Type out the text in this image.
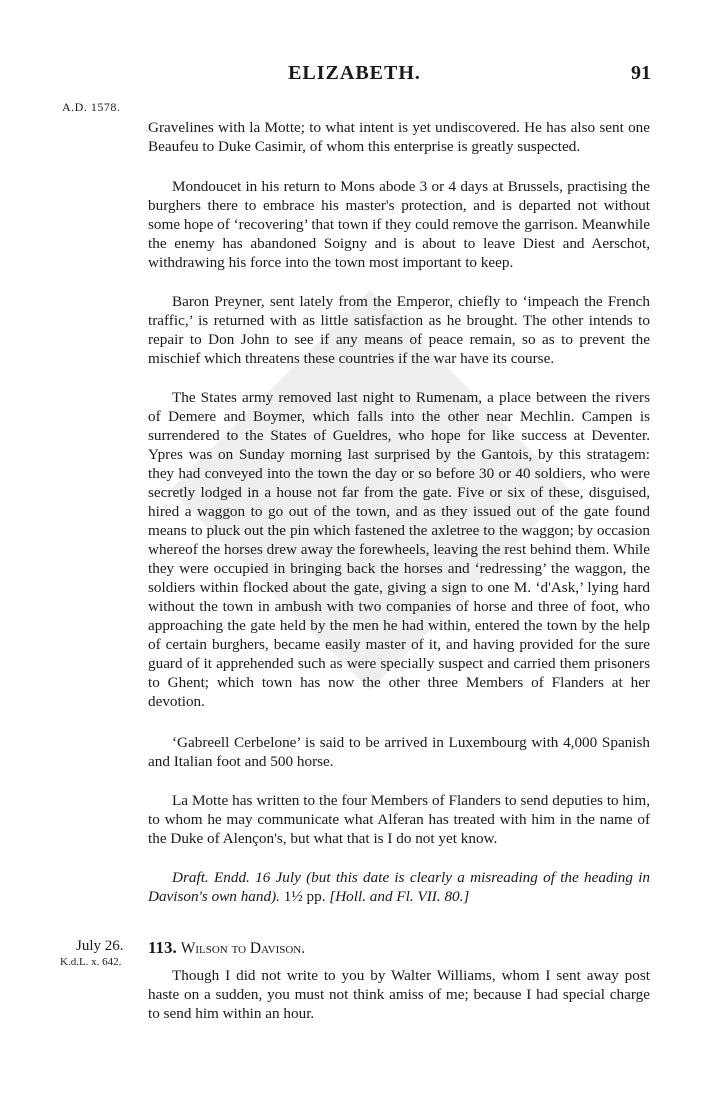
ELIZABETH.	91
A.D. 1578.

Gravelines with la Motte; to what intent is yet undiscovered. He has also sent one Beaufeu to Duke Casimir, of whom this enterprise is greatly suspected.

Mondoucet in his return to Mons abode 3 or 4 days at Brussels, practising the burghers there to embrace his master's protection, and is departed not without some hope of ‘recovering’ that town if they could remove the garrison. Meanwhile the enemy has abandoned Soigny and is about to leave Diest and Aerschot, withdrawing his force into the town most important to keep.

Baron Preyner, sent lately from the Emperor, chiefly to ‘impeach the French traffic,’ is returned with as little satisfaction as he brought. The other intends to repair to Don John to see if any means of peace remain, so as to prevent the mischief which threatens these countries if the war have its course.

The States army removed last night to Rumenam, a place between the rivers of Demere and Boymer, which falls into the other near Mechlin. Campen is surrendered to the States of Gueldres, who hope for like success at Deventer. Ypres was on Sunday morning last surprised by the Gantois, by this stratagem: they had conveyed into the town the day or so before 30 or 40 soldiers, who were secretly lodged in a house not far from the gate. Five or six of these, disguised, hired a waggon to go out of the town, and as they issued out of the gate found means to pluck out the pin which fastened the axletree to the waggon; by occasion whereof the horses drew away the forewheels, leaving the rest behind them. While they were occupied in bringing back the horses and ‘redressing’ the waggon, the soldiers within flocked about the gate, giving a sign to one M. ‘d'Ask,’ lying hard without the town in ambush with two companies of horse and three of foot, who approaching the gate held by the men he had within, entered the town by the help of certain burghers, became easily master of it, and having provided for the sure guard of it apprehended such as were specially suspect and carried them prisoners to Ghent; which town has now the other three Members of Flanders at her devotion.

‘Gabreell Cerbelone’ is said to be arrived in Luxembourg with 4,000 Spanish and Italian foot and 500 horse.

La Motte has written to the four Members of Flanders to send deputies to him, to whom he may communicate what Alferan has treated with him in the name of the Duke of Alençon's, but what that is I do not yet know.

Draft. Endd. 16 July (but this date is clearly a misreading of the heading in Davison's own hand). 1½ pp. [Holl. and Fl. VII. 80.]

July 26.
K.d.L. x. 642.
113. Wilson to Davison.

Though I did not write to you by Walter Williams, whom I sent away post haste on a sudden, you must not think amiss of me; because I had special charge to send him within an hour.
